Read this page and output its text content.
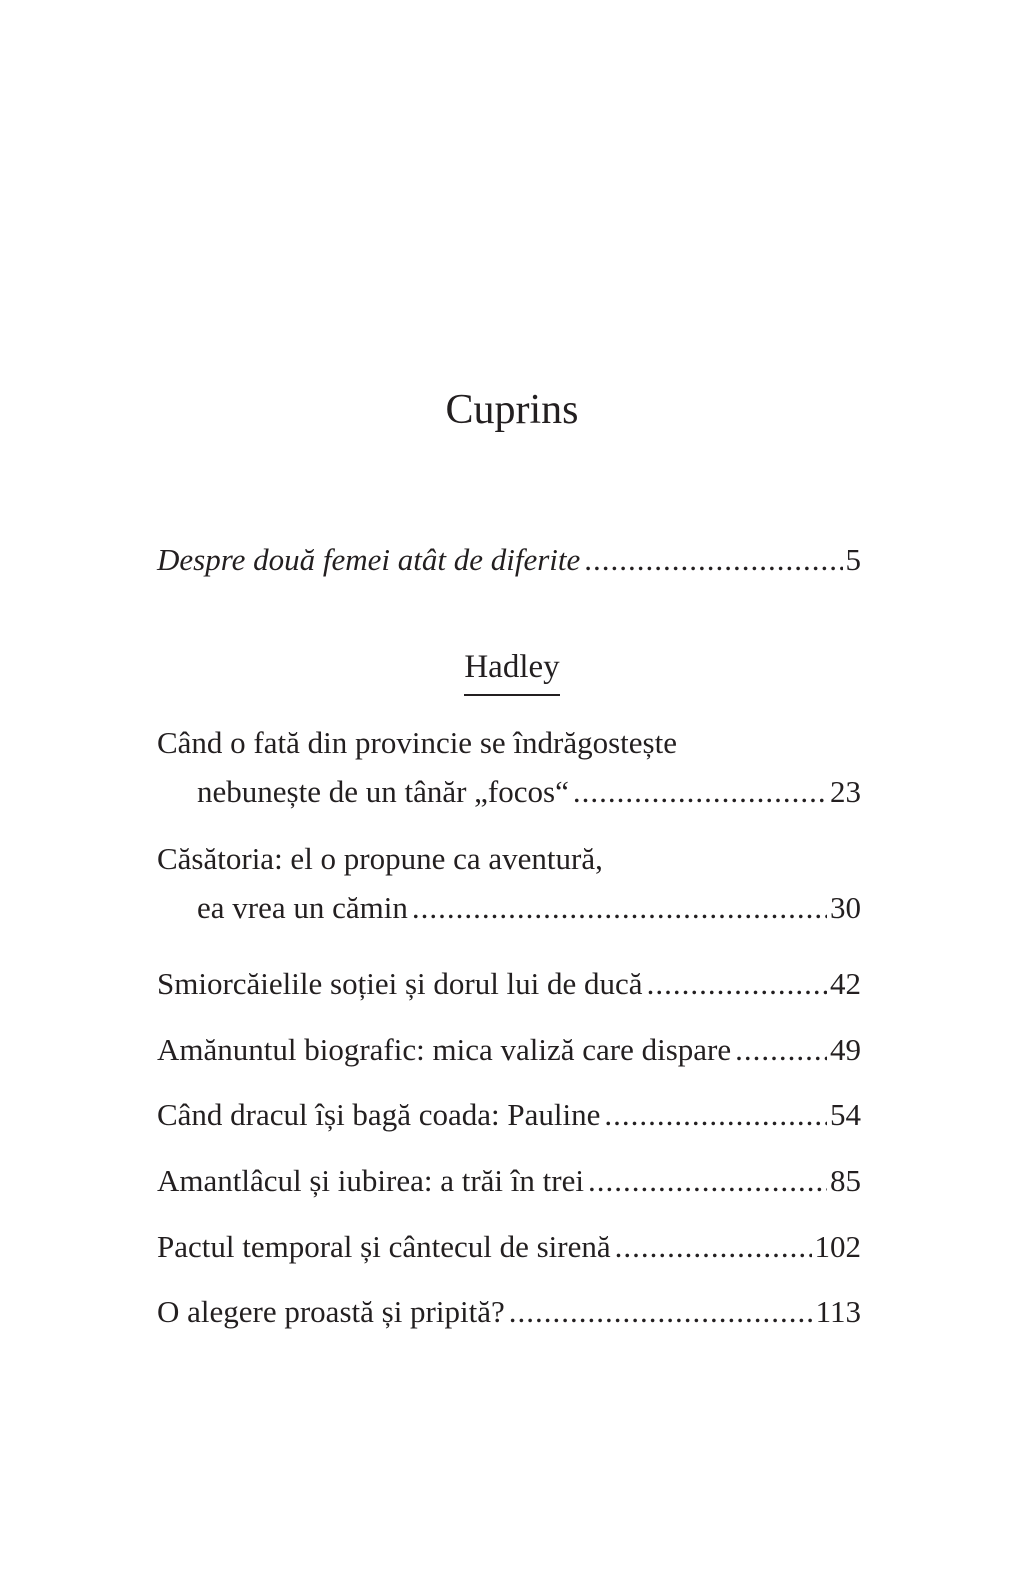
Cuprins
Despre două femei atât de diferite .....	5
Când o fată din provincie se îndrăgostește
nebunește de un tânăr „focos“ .....	23
Căsătoria: el o propune ca aventură,
ea vrea un cămin .....	30
Smiorcăielile soției și dorul lui de ducă .....	42
Amănuntul biografic: mica valiză care dispare .....	49
Când dracul își bagă coada: Pauline .....	54
Amantlâcul și iubirea: a trăi în trei .....	85
Pactul temporal și cântecul de sirenă .....	102
O alegere proastă și pripită? .....	113
Hadley
